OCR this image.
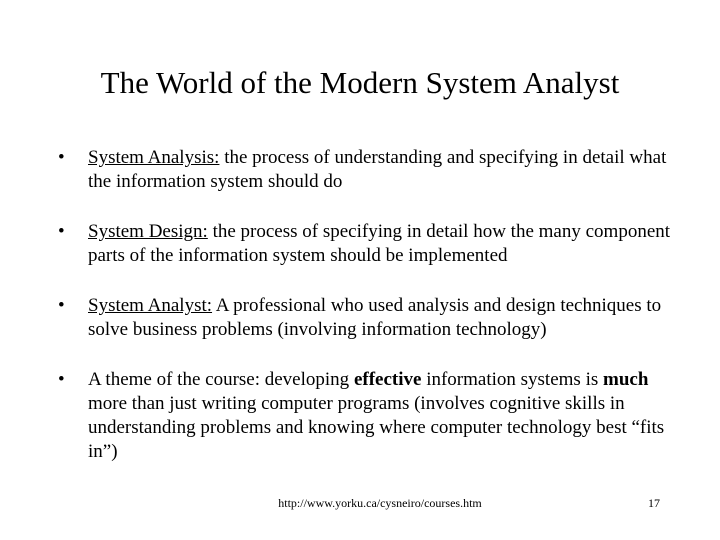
The World of the Modern System Analyst
• System Analysis: the process of understanding and specifying in detail what the information system should do
• System Design: the process of specifying in detail how the many component parts of the information system should be implemented
• System Analyst: A professional who used analysis and design techniques to solve business problems (involving information technology)
• A theme of the course: developing effective information systems is much more than just writing computer programs (involves cognitive skills in understanding problems and knowing where computer technology best “fits in”)
http://www.yorku.ca/cysneiro/courses.htm	17
